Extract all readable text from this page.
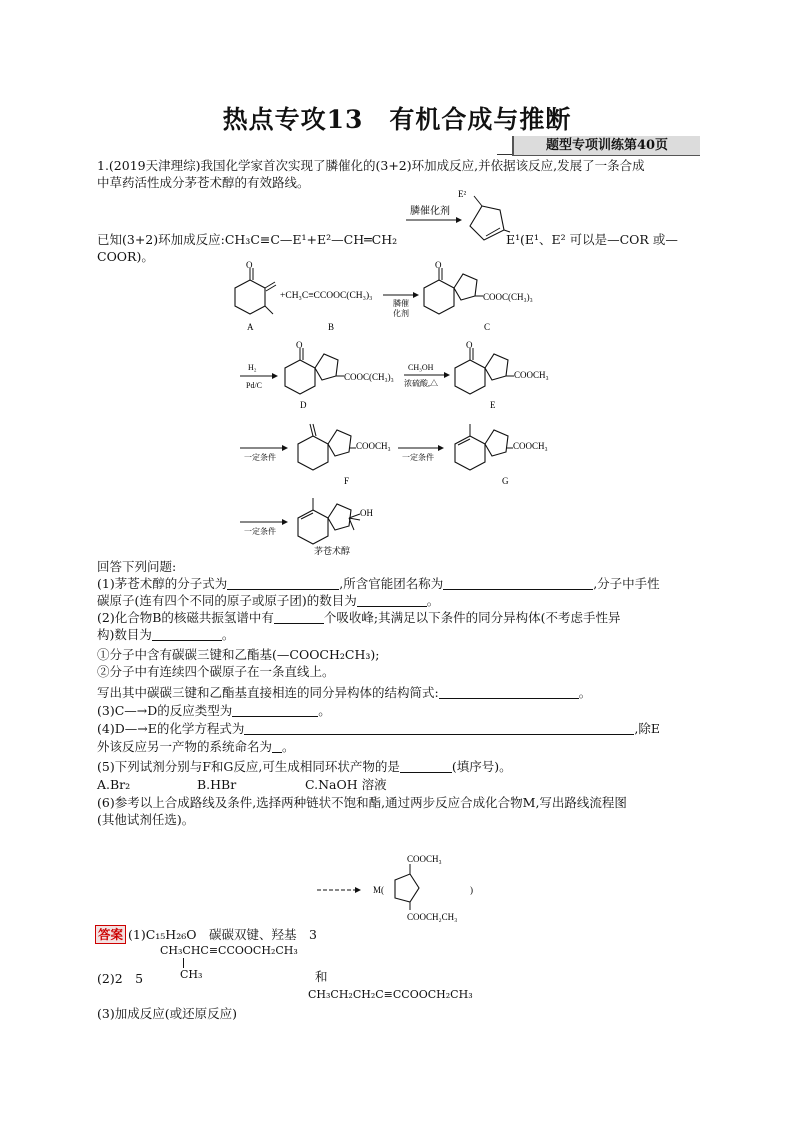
热点专攻13　有机合成与推断
题型专项训练第40页
1.(2019天津理综)我国化学家首次实现了膦催化的(3+2)环加成反应,并依据该反应,发展了一条合成
中草药活性成分茅苍术醇的有效路线。
已知(3+2)环加成反应:CH₃C≡C—E¹+E²—CH═CH₂
膦催化剂
E²
E¹ (E¹、E² 可以是—COR 或—
COOR)。
O
A
+CH₃C≡CCOOC(CH₃)₃
B
膦催
化剂
O
COOC(CH₃)₃
C
H₂
Pd/C
O
COOC(CH₃)₃
D
CH₃OH
浓硫酸,△
O
COOCH₃
E
一定条件
COOCH₃
F
一定条件
COOCH₃
G
一定条件
OH
茅苍术醇
回答下列问题:
(1)茅苍术醇的分子式为	,所含官能团名称为	,分子中手性
碳原子(连有四个不同的原子或原子团)的数目为	。
(2)化合物B的核磁共振氢谱中有	个吸收峰;其满足以下条件的同分异构体(不考虑手性异
构)数目为	。
①分子中含有碳碳三键和乙酯基(—COOCH₂CH₃);
②分子中有连续四个碳原子在一条直线上。
写出其中碳碳三键和乙酯基直接相连的同分异构体的结构简式:	。
(3)C—→D的反应类型为	。
(4)D—→E的化学方程式为	,除E
外该反应另一产物的系统命名为 。
(5)下列试剂分别与F和G反应,可生成相同环状产物的是	(填序号)。
A.Br₂	B.HBr	C.NaOH 溶液
(6)参考以上合成路线及条件,选择两种链状不饱和酯,通过两步反应合成化合物M,写出路线流程图
(其他试剂任选)。
M(
COOCH₃
COOCH₂CH₃
)
答案 (1)C₁₅H₂₆O　碳碳双键、羟基　3
CH₃CHC≡CCOOCH₂CH₃
CH₃
(2)2　5	和
CH₃CH₂CH₂C≡CCOOCH₂CH₃
(3)加成反应(或还原反应)
